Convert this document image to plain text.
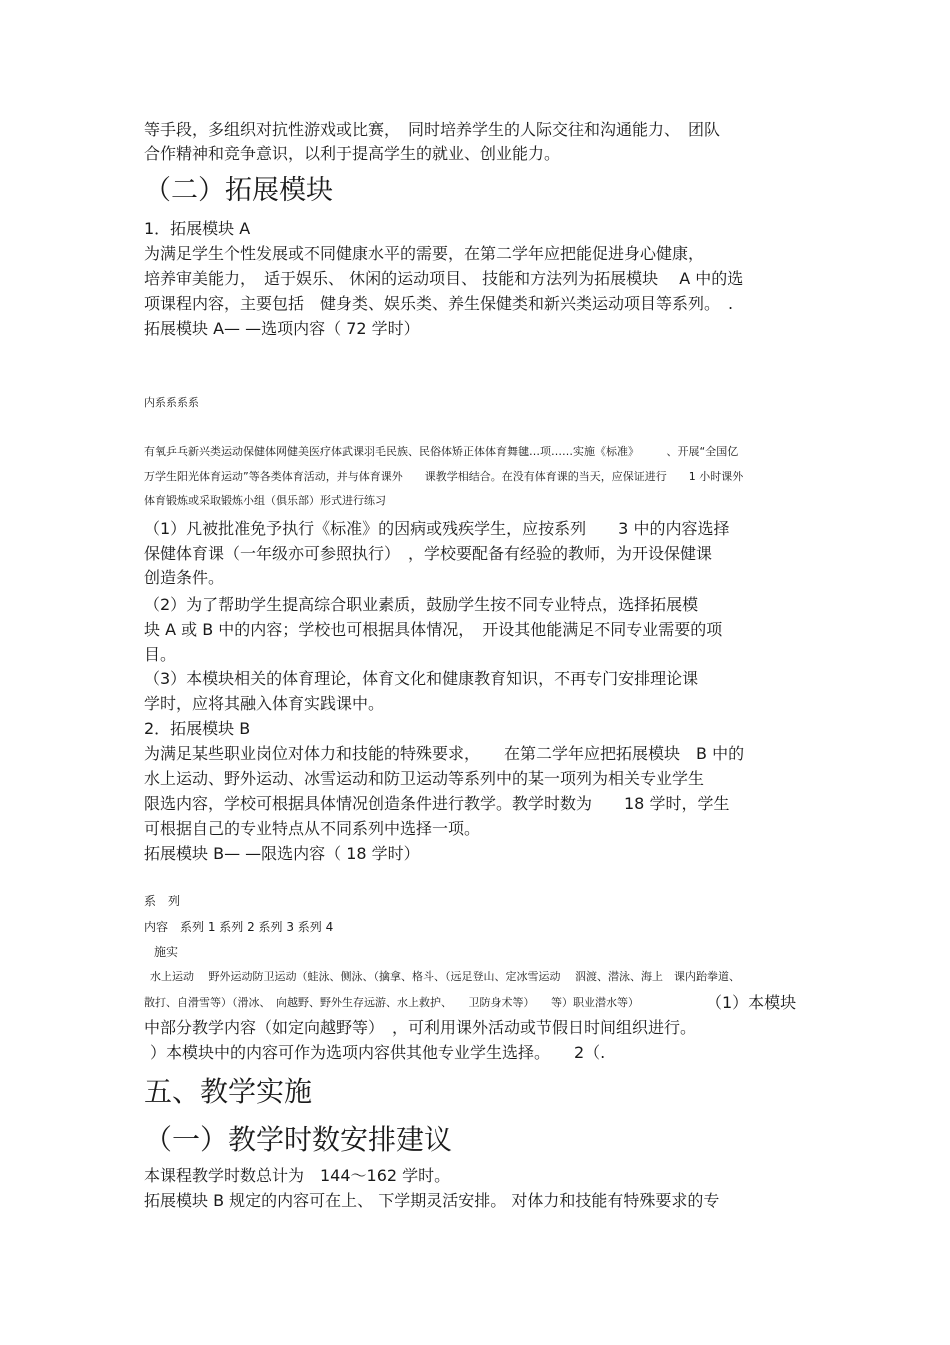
等手段，多组织对抗性游戏或比赛，　同时培养学生的人际交往和沟通能力、　团队
合作精神和竞争意识，以利于提高学生的就业、创业能力。
（二）拓展模块
1．拓展模块 A
为满足学生个性发展或不同健康水平的需要，在第二学年应把能促进身心健康，
培养审美能力，　适于娱乐、 休闲的运动项目、 技能和方法列为拓展模块 　A 中的选
项课程内容，主要包括　健身类、娱乐类、养生保健类和新兴类运动项目等系列。　.
拓展模块 A— —选项内容（ 72 学时）
内系系系系
有氧乒乓新兴类运动保健体网健美医疗体武课羽毛民族、民俗体矫正体体育舞毽…项……实施《标准》　　　、开展“全国亿
万学生阳光体育运动”等各类体育活动，并与体育课外　　课教学相结合。在没有体育课的当天，应保证进行　　1 小时课外
体育锻炼或采取锻炼小组（俱乐部）形式进行练习
（1）凡被批准免予执行《标准》的因病或残疾学生，应按系列　　3 中的内容选择
保健体育课（一年级亦可参照执行）　，学校要配备有经验的教师，为开设保健课
创造条件。
（2）为了帮助学生提高综合职业素质，鼓励学生按不同专业特点，选择拓展模
块 A 或 B 中的内容；学校也可根据具体情况，　开设其他能满足不同专业需要的项
目。
（3）本模块相关的体育理论，体育文化和健康教育知识，不再专门安排理论课
学时，应将其融入体育实践课中。
2．拓展模块 B
为满足某些职业岗位对体力和技能的特殊要求，　　在第二学年应把拓展模块　B 中的
水上运动、野外运动、冰雪运动和防卫运动等系列中的某一项列为相关专业学生
限选内容，学校可根据具体情况创造条件进行教学。教学时数为　　18 学时，学生
可根据自己的专业特点从不同系列中选择一项。
拓展模块 B— —限选内容（ 18 学时）
系　列
内容　系列 1 系列 2 系列 3 系列 4
施实
水上运动　 野外运动防卫运动（蛙泳、侧泳、（擒拿、格斗、（远足登山、定冰雪运动　 泅渡、潜泳、海上　课内跆拳道、
散打、自滑雪等）（滑冰、　向越野、野外生存远游、水上救护、　　卫防身术等）　　等）职业潜水等）	（1）本模块
中部分教学内容（如定向越野等）　，可利用课外活动或节假日时间组织进行。
）本模块中的内容可作为选项内容供其他专业学生选择。　　2（.
五、教学实施
（一）教学时数安排建议
本课程教学时数总计为　144～162 学时。
拓展模块 B 规定的内容可在上、 下学期灵活安排。 对体力和技能有特殊要求的专
